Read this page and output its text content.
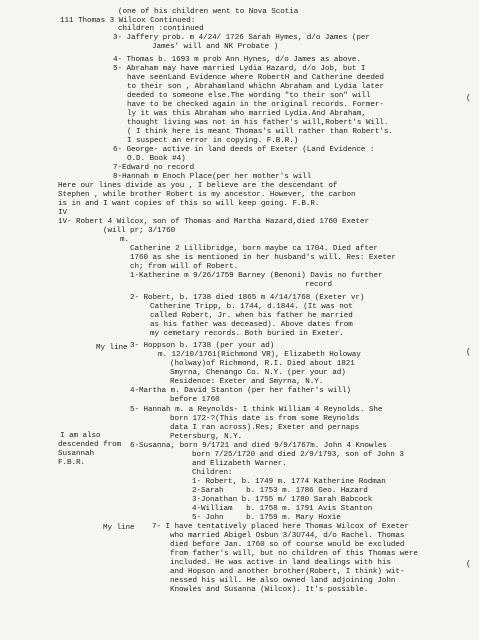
(one of his children went to Nova Scotia
111 Thomas 3 Wilcox Continued:
children :continued
3- Jaffery prob. m 4/24/ 1726 Sarah Hymes, d/o James (per
James' will and NK Probate )
4- Thomas b. 1693 m prob Ann Hynes, d/o James as above.
5- Abraham may have married Lydia Hazard, d/o Job, but I
have seenLand Evidence where RobertH and Catherine deeded
to their son , Abrahamland whichn Abraham and Lydia later
deeded to someone else.The wording "to their son" will
have to be checked again in the original records. Former-
ly it was this Abraham who married Lydia.And Abraham,
thought living was not in his father's will,Robert's Will.
( I think here is meant Thomas's will rather than Robert's.
I suspect an error in copying. F.B.R.)
6- George- active in land deeds of Exeter (Land Evidence :
O.D. Book #4)
7-Edward no record
8-Hannah m Enoch Place(per her mother's will
Here our lines divide as you , I believe are the descendant of
Stephen , while brother Robert is my ancestor. However, the carbon
is in and I want copies of this so will keep going. F.B.R.
IV
1V- Robert 4 Wilcox, son of Thomas and Martha Hazard,died 1760 Exeter
(will pr; 3/1760
m.
Catherine 2 Lillibridge, born maybe ca 1704. Died after
1760 as she is mentioned in her husband's will. Res: Exeter
ch; from will of Robert.
1-Katherine m 9/26/1759 Barney (Benoni) Davis no further
record
2- Robert, b. 1738 died 1865 m 4/14/1768 (Exeter vr)
Catherine Tripp, b. 1744, d.1844. (It was not
called Robert, Jr. when his father he married
as his father was deceased). Above dates from
my cemetary records. Both buried in Exeter.
3- Hoppson b. 1738 (per your ad)
m. 12/10/1761(Richmond VR), Elizabeth Holoway
(holway)of Richmond, R.I. Died about 1821
Smyrna, Chenango Co. N.Y. (per your ad)
Residence: Exeter and Smyrna, N.Y.
4-Martha m. David Stanton (per her father's will)
before 1760
5- Hannah m. a Reynolds- I think William 4 Reynolds. She
born 172-?(This date is from some Reynolds
data I ran across).Res; Exeter and pernaps
Petersburg, N.Y.
6-Susanna, born 9/1721 and died 9/9/1767m. John 4 Knowles
born 7/25/1720 and died 2/9/1793, son of John 3
and Elizabeth Warner.
Children:
1- Robert, b. 1749 m. 1774 Katherine Rodman
2-Sarah     b. 1753 m. 1786 Geo. Hazard
3-Jonathan b. 1755 m/ 1780 Sarah Babcock
4-William   b. 1758 m. 1791 Avis Stanton
5- John     b. 1759 m. Mary Hoxie
7- I have tentatively placed here Thomas Wilcox of Exeter
who married Abigel Osbun 3/3U744, d/o Rachel. Thomas
died before Jan. 1760 so of course would be excluded
from father's will, but no children of this Thomas were
included. He was active in land dealings with his
and Hopson and another brother(Robert, I think) wit-
nessed his will. He also owned land adjoining John
Knowles and Susanna (Wilcox). It's possible.
My line
I am also
descended from
Susannah
F.B.R.
My line
(
(
(
